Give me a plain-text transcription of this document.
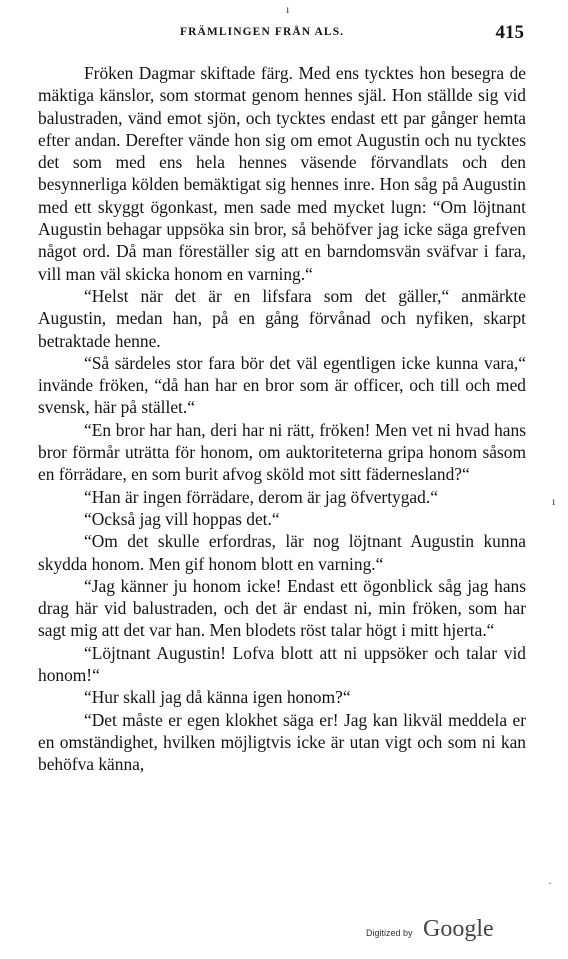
ı
FRÄMLINGEN FRÅN ALS.	415

Fröken Dagmar skiftade färg. Med ens tycktes hon besegra de mäktiga känslor, som stormat genom hennes själ. Hon ställde sig vid balustraden, vänd emot sjön, och tycktes endast ett par gånger hemta efter andan. Derefter vände hon sig om emot Augustin och nu tycktes det som med ens hela hennes väsende förvandlats och den besynnerliga kölden bemäktigat sig hennes inre. Hon såg på Augustin med ett skyggt ögonkast, men sade med mycket lugn: “Om löjtnant Augustin behagar uppsöka sin bror, så behöfver jag icke säga grefven något ord. Då man föreställer sig att en barndomsvän sväfvar i fara, vill man väl skicka honom en varning.“

“Helst när det är en lifsfara som det gäller,“ anmärkte Augustin, medan han, på en gång förvånad och nyfiken, skarpt betraktade henne.

“Så särdeles stor fara bör det väl egentligen icke kunna vara,“ invände fröken, “då han har en bror som är officer, och till och med svensk, här på stället.“

“En bror har han, deri har ni rätt, fröken! Men vet ni hvad hans bror förmår uträtta för honom, om auktoriteterna gripa honom såsom en förrädare, en som burit afvog sköld mot sitt fädernesland?“

“Han är ingen förrädare, derom är jag öfvertygad.“

“Också jag vill hoppas det.“

“Om det skulle erfordras, lär nog löjtnant Augustin kunna skydda honom. Men gif honom blott en varning.“

“Jag känner ju honom icke! Endast ett ögonblick såg jag hans drag här vid balustraden, och det är endast ni, min fröken, som har sagt mig att det var han. Men blodets röst talar högt i mitt hjerta.“

“Löjtnant Augustin! Lofva blott att ni uppsöker och talar vid honom!“

“Hur skall jag då känna igen honom?“

“Det måste er egen klokhet säga er! Jag kan likväl meddela er en omständighet, hvilken möjligtvis icke är utan vigt och som ni kan behöfva känna,

ı
·
Digitized by Google
